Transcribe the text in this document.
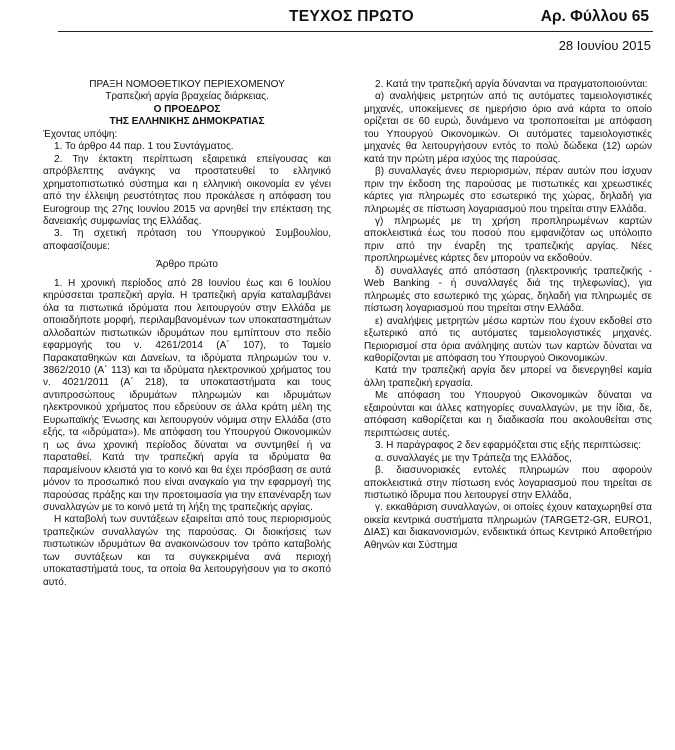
ΤΕΥΧΟΣ ΠΡΩΤΟ	Αρ. Φύλλου 65
28 Ιουνίου 2015

ΠΡΑΞΗ ΝΟΜΟΘΕΤΙΚΟΥ ΠΕΡΙΕΧΟΜΕΝΟΥ

Τραπεζική αργία βραχείας διάρκειας.

Ο ΠΡΟΕΔΡΟΣ

ΤΗΣ ΕΛΛΗΝΙΚΗΣ ΔΗΜΟΚΡΑΤΙΑΣ

Έχοντας υπόψη:

1. Το άρθρο 44 παρ. 1 του Συντάγματος.

2. Την έκτακτη περίπτωση εξαιρετικά επείγουσας και απρόβλεπτης ανάγκης να προστατευθεί το ελληνικό χρηματοπιστωτικό σύστημα και η ελληνική οικονομία εν γένει από την έλλειψη ρευστότητας που προκάλεσε η απόφαση του Eurogroup της 27ης Ιουνίου 2015 να αρνηθεί την επέκταση της δανειακής συμφωνίας της Ελλάδας.

3. Τη σχετική πρόταση του Υπουργικού Συμβουλίου, αποφασίζουμε:

Άρθρο πρώτο

1. Η χρονική περίοδος από 28 Ιουνίου έως και 6 Ιουλίου κηρύσσεται τραπεζική αργία. Η τραπεζική αργία καταλαμβάνει όλα τα πιστωτικά ιδρύματα που λειτουργούν στην Ελλάδα με οποιαδήποτε μορφή, περιλαμβανομένων των υποκαταστημάτων αλλοδαπών πιστωτικών ιδρυμάτων που εμπίπτουν στο πεδίο εφαρμογής του ν. 4261/2014 (Α΄ 107), το Ταμείο Παρακαταθηκών και Δανείων, τα ιδρύματα πληρωμών του ν. 3862/2010 (Α΄ 113) και τα ιδρύματα ηλεκτρονικού χρήματος του ν. 4021/2011 (Α΄ 218), τα υποκαταστήματα και τους αντιπροσώπους ιδρυμάτων πληρωμών και ιδρυμάτων ηλεκτρονικού χρήματος που εδρεύουν σε άλλα κράτη μέλη της Ευρωπαϊκής Ένωσης και λειτουργούν νόμιμα στην Ελλάδα (στο εξής, τα «ιδρύματα»). Με απόφαση του Υπουργού Οικονομικών η ως άνω χρονική περίοδος δύναται να συντμηθεί ή να παραταθεί. Κατά την τραπεζική αργία τα ιδρύματα θα παραμείνουν κλειστά για το κοινό και θα έχει πρόσβαση σε αυτά μόνον το προσωπικό που είναι αναγκαίο για την εφαρμογή της παρούσας πράξης και την προετοιμασία για την επανέναρξη των συναλλαγών με το κοινό μετά τη λήξη της τραπεζικής αργίας.

Η καταβολή των συντάξεων εξαιρείται από τους περιορισμούς τραπεζικών συναλλαγών της παρούσας. Οι διοικήσεις των πιστωτικών ιδρυμάτων θα ανακοινώσουν τον τρόπο καταβολής των συντάξεων και τα συγκεκριμένα ανά περιοχή υποκαταστήματά τους, τα οποία θα λειτουργήσουν για το σκοπό αυτό.

2. Κατά την τραπεζική αργία δύνανται να πραγματοποιούνται:

α) αναλήψεις μετρητών από τις αυτόματες ταμειολογιστικές μηχανές, υποκείμενες σε ημερήσιο όριο ανά κάρτα το οποίο ορίζεται σε 60 ευρώ, δυνάμενο να τροποποιείται με απόφαση του Υπουργού Οικονομικών. Οι αυτόματες ταμειολογιστικές μηχανές θα λειτουργήσουν εντός το πολύ δώδεκα (12) ωρών κατά την πρώτη μέρα ισχύος της παρούσας.

β) συναλλαγές άνευ περιορισμών, πέραν αυτών που ίσχυαν πριν την έκδοση της παρούσας με πιστωτικές και χρεωστικές κάρτες για πληρωμές στο εσωτερικό της χώρας, δηλαδή για πληρωμές σε πίστωση λογαριασμού που τηρείται στην Ελλάδα.

γ) πληρωμές με τη χρήση προπληρωμένων καρτών αποκλειστικά έως του ποσού που εμφανιζόταν ως υπόλοιπο πριν από την έναρξη της τραπεζικής αργίας. Νέες προπληρωμένες κάρτες δεν μπορούν να εκδοθούν.

δ) συναλλαγές από απόσταση (ηλεκτρονικής τραπεζικής - Web Banking - ή συναλλαγές διά της τηλεφωνίας), για πληρωμές στο εσωτερικό της χώρας, δηλαδή για πληρωμές σε πίστωση λογαριασμού που τηρείται στην Ελλάδα.

ε) αναλήψεις μετρητών μέσω καρτών που έχουν εκδοθεί στο εξωτερικό από τις αυτόματες ταμειολογιστικές μηχανές. Περιορισμοί στα όρια ανάληψης αυτών των καρτών δύναται να καθορίζονται με απόφαση του Υπουργού Οικονομικών.

Κατά την τραπεζική αργία δεν μπορεί να διενεργηθεί καμία άλλη τραπεζική εργασία.

Με απόφαση του Υπουργού Οικονομικών δύναται να εξαιρούνται και άλλες κατηγορίες συναλλαγών, με την ίδια, δε, απόφαση καθορίζεται και η διαδικασία που ακολουθείται στις περιπτώσεις αυτές.

3. Η παράγραφος 2 δεν εφαρμόζεται στις εξής περιπτώσεις:

α. συναλλαγές με την Τράπεζα της Ελλάδος,

β. διασυνοριακές εντολές πληρωμών που αφορούν αποκλειστικά στην πίστωση ενός λογαριασμού που τηρείται σε πιστωτικό ίδρυμα που λειτουργεί στην Ελλάδα,

γ. εκκαθάριση συναλλαγών, οι οποίες έχουν καταχωρηθεί στα οικεία κεντρικά συστήματα πληρωμών (TARGET2-GR, EURO1, ΔΙΑΣ) και διακανονισμών, ενδεικτικά όπως Κεντρικό Αποθετήριο Αθηνών και Σύστημα
